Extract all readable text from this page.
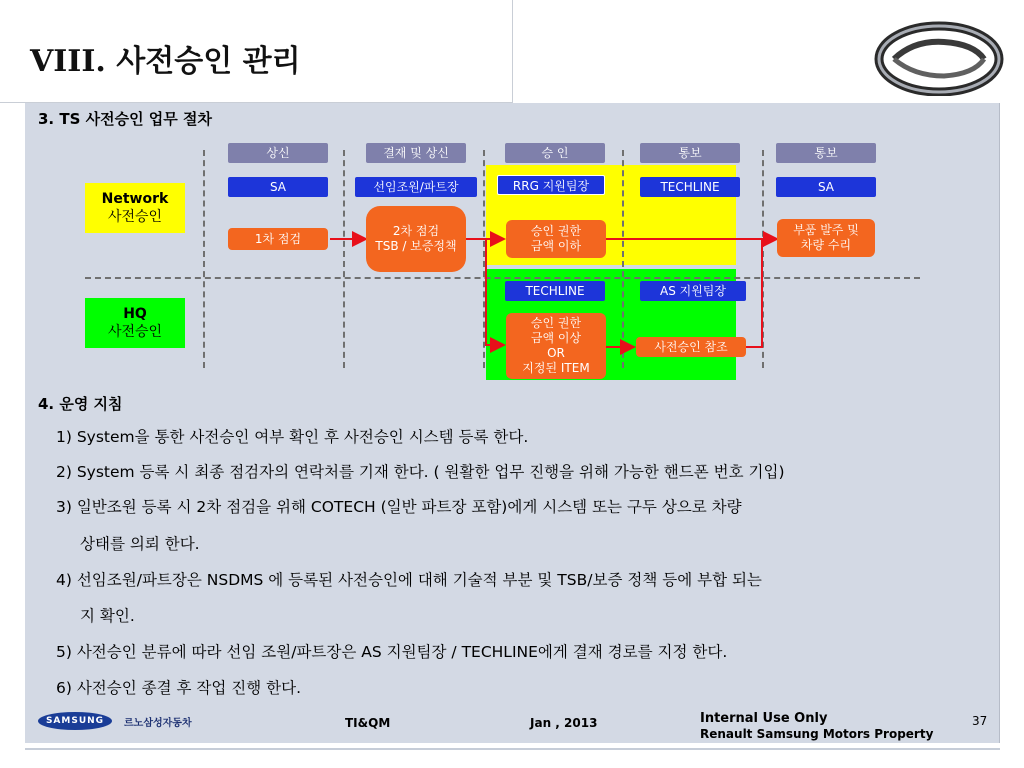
VIII. 사전승인 관리
3. TS 사전승인 업무 절차
상신	결재 및 상신	승 인	통보	통보
Network
사전승인
HQ
사전승인
SA	선임조원/파트장	RRG 지원팀장	TECHLINE	SA
TECHLINE	AS 지원팀장
1차 점검
2차 점검
TSB / 보증정책
승인 권한
금액 이하
승인 권한
금액 이상
OR
지정된 ITEM
부품 발주 및
차량 수리
사전승인 참조
4. 운영 지침
1) System을 통한 사전승인 여부 확인 후 사전승인 시스템 등록 한다.
2) System 등록 시 최종 점검자의 연락처를 기재 한다. ( 원활한 업무 진행을 위해 가능한 핸드폰 번호 기입)
3) 일반조원 등록 시 2차 점검을 위해 COTECH (일반 파트장 포함)에게 시스템 또는 구두 상으로 차량
상태를 의뢰 한다.
4) 선임조원/파트장은 NSDMS 에 등록된 사전승인에 대해 기술적 부분 및 TSB/보증 정책 등에 부합 되는
지 확인.
5) 사전승인 분류에 따라 선임 조원/파트장은 AS 지원팀장 / TECHLINE에게 결재 경로를 지정 한다.
6) 사전승인 종결 후 작업 진행 한다.
SAMSUNG	르노삼성자동차	TI&QM	Jan , 2013	Internal Use Only
Renault Samsung Motors Property
37
